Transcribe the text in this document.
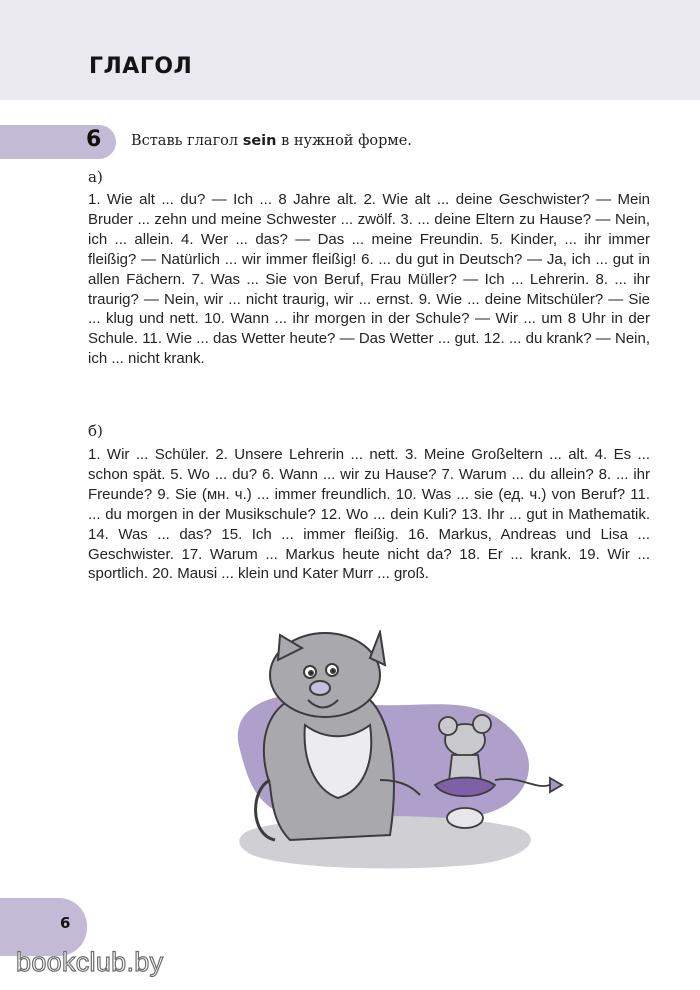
ГЛАГОЛ
6 Вставь глагол sein в нужной форме.
а)
1. Wie alt ... du? — Ich ... 8 Jahre alt. 2. Wie alt ... deine Geschwister? — Mein Bruder ... zehn und meine Schwester ... zwölf. 3. ... deine Eltern zu Hause? — Nein, ich ... allein. 4. Wer ... das? — Das ... meine Freundin. 5. Kinder, ... ihr immer fleißig? — Natürlich ... wir immer fleißig! 6. ... du gut in Deutsch? — Ja, ich ... gut in allen Fächern. 7. Was ... Sie von Beruf, Frau Müller? — Ich ... Lehrerin. 8. ... ihr traurig? — Nein, wir ... nicht traurig, wir ... ernst. 9. Wie ... deine Mitschüler? — Sie ... klug und nett. 10. Wann ... ihr morgen in der Schule? — Wir ... um 8 Uhr in der Schule. 11. Wie ... das Wetter heute? — Das Wetter ... gut. 12. ... du krank? — Nein, ich ... nicht krank.
б)
1. Wir ... Schüler. 2. Unsere Lehrerin ... nett. 3. Meine Großeltern ... alt. 4. Es ... schon spät. 5. Wo ... du? 6. Wann ... wir zu Hause? 7. Warum ... du allein? 8. ... ihr Freunde? 9. Sie (мн. ч.) ... immer freundlich. 10. Was ... sie (ед. ч.) von Beruf? 11. ... du morgen in der Musikschule? 12. Wo ... dein Kuli? 13. Ihr ... gut in Mathematik. 14. Was ... das? 15. Ich ... immer fleißig. 16. Markus, Andreas und Lisa ... Geschwister. 17. Warum ... Markus heute nicht da? 18. Er ... krank. 19. Wir ... sportlich. 20. Mausi ... klein und Kater Murr ... groß.
6
bookclub.by
